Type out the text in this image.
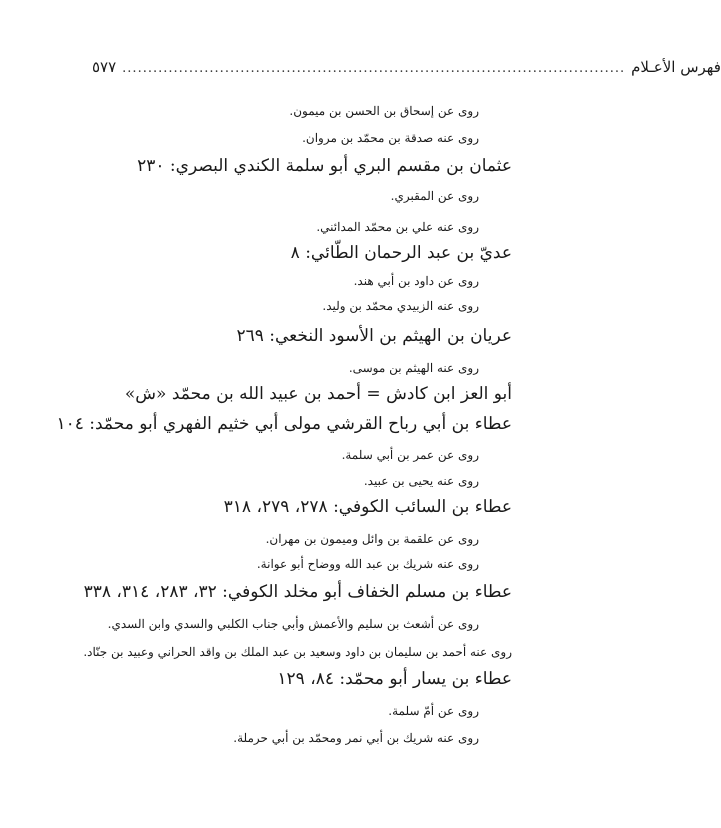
٥٧٧ .................................................................................................. فهرس الأعـلام
روى عن إسحاق بن الحسن بن ميمون.
روى عنه صدقة بن محمّد بن مروان.
عثمان بن مقسم البري أبو سلمة الكندي البصري: ٢٣٠
روى عن المقبري.
روى عنه علي بن محمّد المدائني.
عديّ بن عبد الرحمان الطّائي: ٨
روى عن داود بن أبي هند.
روى عنه الزبيدي محمّد بن وليد.
عريان بن الهيثم بن الأسود النخعي: ٢٦٩
روى عنه الهيثم بن موسى.
أبو العز ابن كادش = أحمد بن عبيد الله بن محمّد «ش»
عطاء بن أبي رباح القرشي مولى أبي خثيم الفهري أبو محمّد: ١٠٤
روى عن عمر بن أبي سلمة.
روى عنه يحيى بن عبيد.
عطاء بن السائب الكوفي: ٢٧٨، ٢٧٩، ٣١٨
روى عن علقمة بن وائل وميمون بن مهران.
روى عنه شريك بن عبد الله ووضاح أبو عوانة.
عطاء بن مسلم الخفاف أبو مخلد الكوفي: ٣٢، ٢٨٣، ٣١٤، ٣٣٨
روى عن أشعث بن سليم والأعمش وأبي جناب الكلبي والسدي وابن السدي.
روى عنه أحمد بن سليمان بن داود وسعيد بن عبد الملك بن واقد الحراني وعبيد بن جنّاد.
عطاء بن يسار أبو محمّد: ٨٤، ١٢٩
روى عن أمّ سلمة.
روى عنه شريك بن أبي نمر ومحمّد بن أبي حرملة.
